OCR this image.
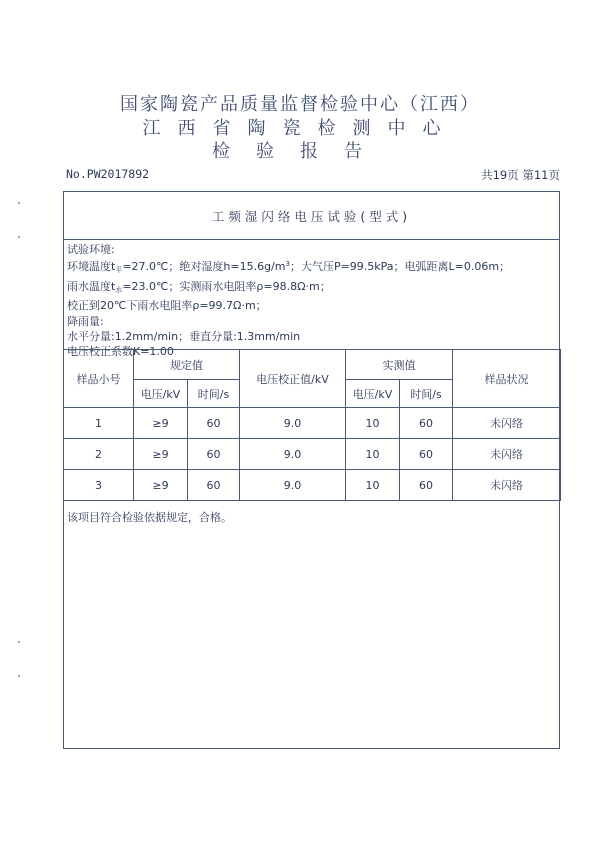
国家陶瓷产品质量监督检验中心（江西）
江西省陶瓷检测中心
检验报告
No.PW2017892	共19页 第11页
工频湿闪络电压试验(型式)
试验环境:
环境温度$t_平=27.0℃$；绝对湿度$h=15.6g/m^3$；大气压P=99.5kPa；电弧距离L=0.06m；
雨水温度$t_水=23.0℃$；实测雨水电阻率ρ=98.8Ω·m；
校正到20℃下雨水电阻率ρ=99.7Ω·m；
降雨量:
水平分量:1.2mm/min；垂直分量:1.3mm/min
电压校正系数K=1.00
样品小号	规定值		电压校正值/kV	实测值		样品状况
	电压/kV	时间/s		电压/kV	时间/s	
1	≥9	60	9.0	10	60	未闪络
2	≥9	60	9.0	10	60	未闪络
3	≥9	60	9.0	10	60	未闪络
该项目符合检验依据规定，合格。
